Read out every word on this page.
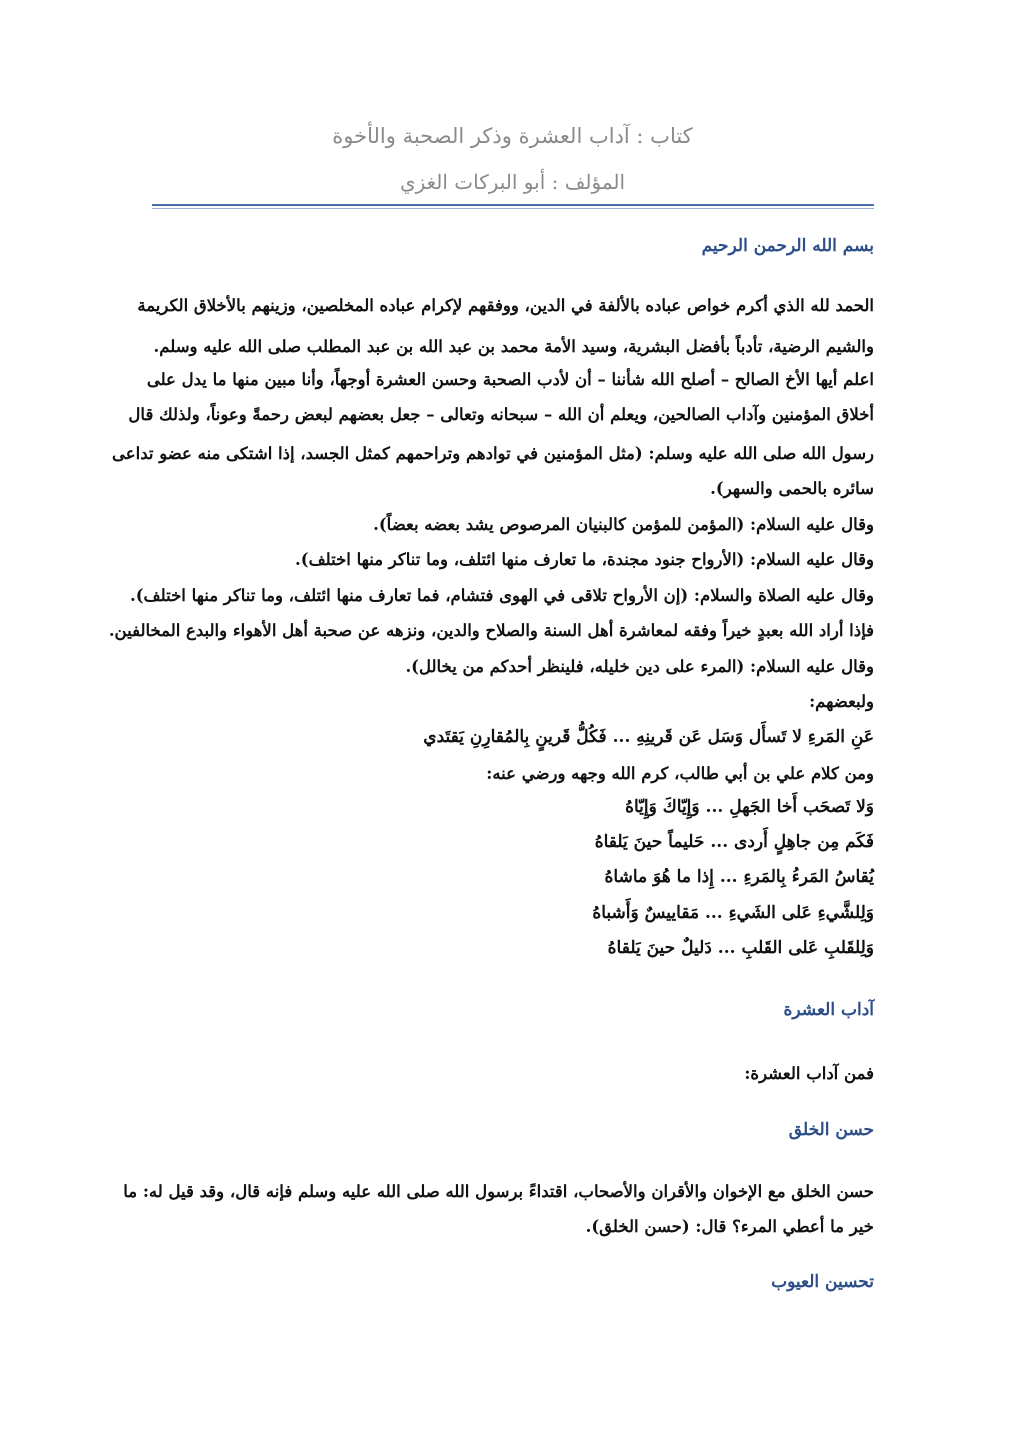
كتاب : آداب العشرة وذكر الصحبة والأخوة
المؤلف : أبو البركات الغزي
بسم الله الرحمن الرحيم
الحمد لله الذي أكرم خواص عباده بالألفة في الدين، ووفقهم لإكرام عباده المخلصين، وزينهم بالأخلاق الكريمة
والشيم الرضية، تأدباً بأفضل البشرية، وسيد الأمة محمد بن عبد الله بن عبد المطلب صلى الله عليه وسلم.
اعلم أيها الأخ الصالح – أصلح الله شأننا – أن لأدب الصحبة وحسن العشرة أوجهاً، وأنا مبين منها ما يدل على
أخلاق المؤمنين وآداب الصالحين، ويعلم أن الله – سبحانه وتعالى – جعل بعضهم لبعض رحمةً وعوناً، ولذلك قال
رسول الله صلى الله عليه وسلم: (مثل المؤمنين في توادهم وتراحمهم كمثل الجسد، إذا اشتكى منه عضو تداعى
سائره بالحمى والسهر).
وقال عليه السلام: (المؤمن للمؤمن كالبنيان المرصوص يشد بعضه بعضاً).
وقال عليه السلام: (الأرواح جنود مجندة، ما تعارف منها ائتلف، وما تناكر منها اختلف).
وقال عليه الصلاة والسلام: (إن الأرواح تلاقى في الهوى فتشام، فما تعارف منها ائتلف، وما تناكر منها اختلف).
فإذا أراد الله بعبدٍ خيراً وفقه لمعاشرة أهل السنة والصلاح والدين، ونزهه عن صحبة أهل الأهواء والبدع المخالفين.
وقال عليه السلام: (المرء على دين خليله، فلينظر أحدكم من يخالل).
ولبعضهم:
عَنِ المَرءِ لا تَسأَل وَسَل عَن قَرينِهِ ... فَكُلُّ قَرينٍ بِالمُقارِنِ يَقتَدي
ومن كلام علي بن أبي طالب، كرم الله وجهه ورضي عنه:
وَلا تَصحَب أَخا الجَهلِ ... وَإِيّاكَ وَإِيّاهُ
فَكَم مِن جاهِلٍ أَردى ... حَليماً حينَ يَلقاهُ
يُقاسُ المَرءُ بِالمَرءِ ... إِذا ما هُوَ ماشاهُ
وَلِلشَّيءِ عَلى الشَيءِ ... مَقاييسٌ وَأَشباهُ
وَلِلقَلبِ عَلى القَلبِ ... دَليلٌ حينَ يَلقاهُ
آداب العشرة
فمن آداب العشرة:
حسن الخلق
حسن الخلق مع الإخوان والأقران والأصحاب، اقتداءً برسول الله صلى الله عليه وسلم فإنه قال، وقد قيل له: ما
خير ما أعطي المرء؟ قال: (حسن الخلق).
تحسين العيوب
